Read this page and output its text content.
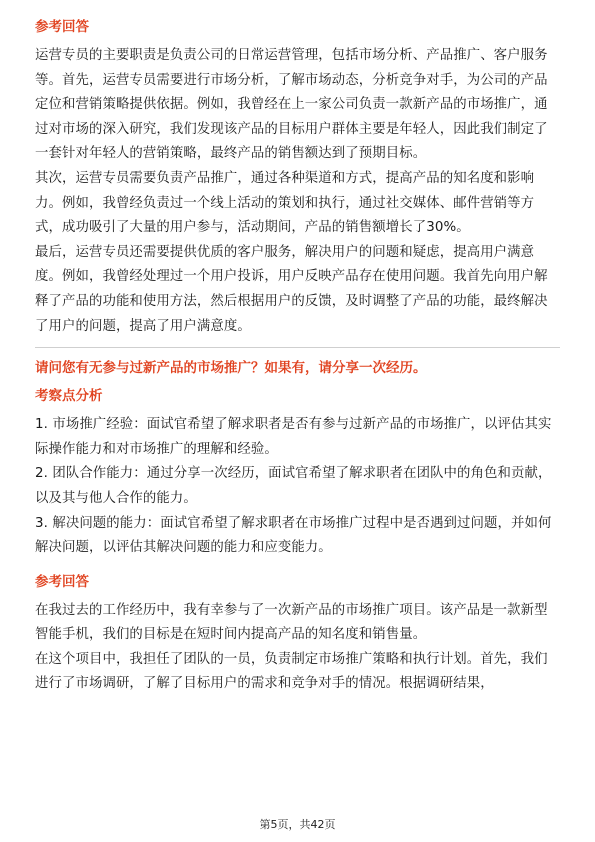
参考回答

运营专员的主要职责是负责公司的日常运营管理，包括市场分析、产品推广、客户服务等。首先，运营专员需要进行市场分析，了解市场动态，分析竞争对手，为公司的产品定位和营销策略提供依据。例如，我曾经在上一家公司负责一款新产品的市场推广，通过对市场的深入研究，我们发现该产品的目标用户群体主要是年轻人，因此我们制定了一套针对年轻人的营销策略，最终产品的销售额达到了预期目标。

其次，运营专员需要负责产品推广，通过各种渠道和方式，提高产品的知名度和影响力。例如，我曾经负责过一个线上活动的策划和执行，通过社交媒体、邮件营销等方式，成功吸引了大量的用户参与，活动期间，产品的销售额增长了30%。

最后，运营专员还需要提供优质的客户服务，解决用户的问题和疑虑，提高用户满意度。例如，我曾经处理过一个用户投诉，用户反映产品存在使用问题。我首先向用户解释了产品的功能和使用方法，然后根据用户的反馈，及时调整了产品的功能，最终解决了用户的问题，提高了用户满意度。

请问您有无参与过新产品的市场推广？如果有，请分享一次经历。

考察点分析

1. 市场推广经验：面试官希望了解求职者是否有参与过新产品的市场推广，以评估其实际操作能力和对市场推广的理解和经验。

2. 团队合作能力：通过分享一次经历，面试官希望了解求职者在团队中的角色和贡献，以及其与他人合作的能力。

3. 解决问题的能力：面试官希望了解求职者在市场推广过程中是否遇到过问题，并如何解决问题，以评估其解决问题的能力和应变能力。

参考回答

在我过去的工作经历中，我有幸参与了一次新产品的市场推广项目。该产品是一款新型智能手机，我们的目标是在短时间内提高产品的知名度和销售量。

在这个项目中，我担任了团队的一员，负责制定市场推广策略和执行计划。首先，我们进行了市场调研，了解了目标用户的需求和竞争对手的情况。根据调研结果，

第5页，共42页
